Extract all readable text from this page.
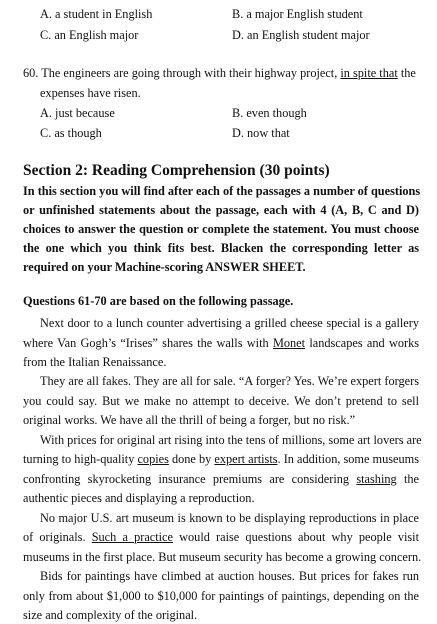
A. a student in English	B. a major English student
C. an English major	D. an English student major
60. The engineers are going through with their highway project, in spite that the
expenses have risen.
A. just because	B. even though
C. as though	D. now that
Section 2: Reading Comprehension (30 points)
In this section you will find after each of the passages a number of questions
or unfinished statements about the passage, each with 4 (A, B, C and D)
choices to answer the question or complete the statement. You must choose
the one which you think fits best. Blacken the corresponding letter as
required on your Machine-scoring ANSWER SHEET.
Questions 61-70 are based on the following passage.
Next door to a lunch counter advertising a grilled cheese special is a gallery
where Van Gogh’s “Irises” shares the walls with Monet landscapes and works
from the Italian Renaissance.
They are all fakes. They are all for sale. “A forger? Yes. We’re expert forgers
you could say. But we make no attempt to deceive. We don’t pretend to sell
original works. We have all the thrill of being a forger, but no risk.”
With prices for original art rising into the tens of millions, some art lovers are
turning to high-quality copies done by expert artists. In addition, some museums
confronting skyrocketing insurance premiums are considering stashing the
authentic pieces and displaying a reproduction.
No major U.S. art museum is known to be displaying reproductions in place
of originals. Such a practice would raise questions about why people visit
museums in the first place. But museum security has become a growing concern.
Bids for paintings have climbed at auction houses. But prices for fakes run
only from about $1,000 to $10,000 for paintings of paintings, depending on the
size and complexity of the original.
